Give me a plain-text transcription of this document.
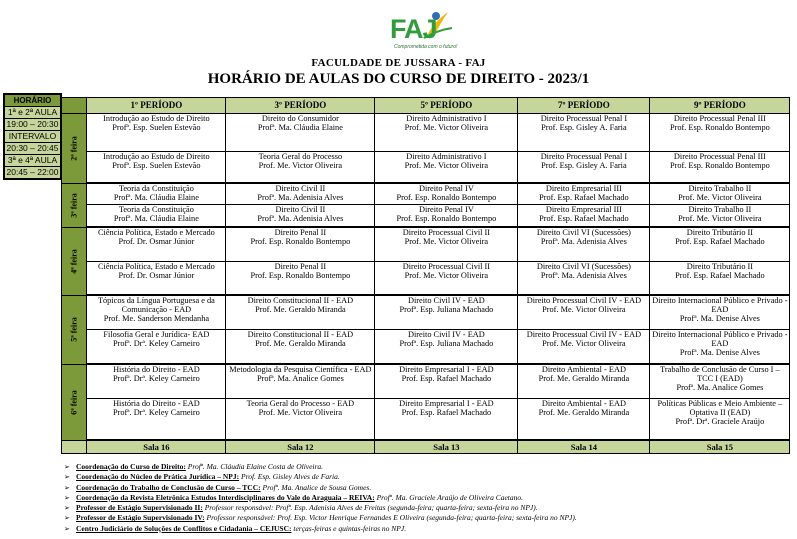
FAJ
Comprometida com o futuro!
FACULDADE DE JUSSARA - FAJ
HORÁRIO DE AULAS DO CURSO DE DIREITO - 2023/1
HORÁRIO
1ª e 2ª AULA
19:00 – 20:30
INTERVALO
20:30 – 20:45
3ª e 4ª AULA
20:45 – 22:00
	1º PERÍODO	3º PERÍODO	5º PERÍODO	7º PERÍODO	9º PERÍODO
2ª feira	Introdução ao Estudo de Direito
Profª. Esp. Suelen Estevão	Direito do Consumidor
Profª. Ma. Cláudia Elaine	Direito Administrativo I
Prof. Me. Victor Oliveira	Direito Processual Penal I
Prof. Esp. Gisley A. Faria	Direito Processual Penal III
Prof. Esp. Ronaldo Bontempo

	Introdução ao Estudo de Direito
Profª. Esp. Suelen Estevão	Teoria Geral do Processo
Prof. Me. Victor Oliveira	Direito Administrativo I
Prof. Me. Victor Oliveira	Direito Processual Penal I
Prof. Esp. Gisley A. Faria	Direito Processual Penal III
Prof. Esp. Ronaldo Bontempo

3ª feira	Teoria da Constituição
Profª. Ma. Cláudia Elaine	Direito Civil II
Profª. Ma. Adenisia Alves	Direito Penal IV
Prof. Esp. Ronaldo Bontempo	Direito Empresarial III
Prof. Esp. Rafael Machado	Direito Trabalho II
Prof. Me. Victor Oliveira

	Teoria da Constituição
Profª. Ma. Cláudia Elaine	Direito Civil II
Profª. Ma. Adenisia Alves	Direito Penal IV
Prof. Esp. Ronaldo Bontempo	Direito Empresarial III
Prof. Esp. Rafael Machado	Direito Trabalho II
Prof. Me. Victor Oliveira

4ª feira	Ciência Política, Estado e Mercado
Prof. Dr. Osmar Júnior	Direito Penal II
Prof. Esp. Ronaldo Bontempo	Direito Processual Civil II
Prof. Me. Victor Oliveira	Direito Civil VI (Sucessões)
Profª. Ma. Adenisia Alves	Direito Tributário II
Prof. Esp. Rafael Machado

	Ciência Política, Estado e Mercado
Prof. Dr. Osmar Júnior	Direito Penal II
Prof. Esp. Ronaldo Bontempo	Direito Processual Civil II
Prof. Me. Victor Oliveira	Direito Civil VI (Sucessões)
Profª. Ma. Adenisia Alves	Direito Tributário II
Prof. Esp. Rafael Machado

5ª feira	Tópicos da Língua Portuguesa e da Comunicação - EAD
Prof. Me. Sanderson Mendanha	Direito Constitucional II - EAD
Prof. Me. Geraldo Miranda	Direito Civil IV - EAD
Profª. Esp. Juliana Machado	Direito Processual Civil IV - EAD
Prof. Me. Victor Oliveira	Direito Internacional Público e Privado - EAD
Profª. Ma. Denise Alves

	Filosofia Geral e Jurídica- EAD
Profª. Drª. Keley Carneiro	Direito Constitucional II - EAD
Prof. Me. Geraldo Miranda	Direito Civil IV - EAD
Profª. Esp. Juliana Machado	Direito Processual Civil IV - EAD
Prof. Me. Victor Oliveira	Direito Internacional Público e Privado - EAD
Profª. Ma. Denise Alves

6ª feira	História do Direito - EAD
Profª. Drª. Keley Carneiro	Metodologia da Pesquisa Científica - EAD
Profª. Ma. Analice Gomes	Direito Empresarial I - EAD
Prof. Esp. Rafael Machado	Direito Ambiental - EAD
Prof. Me. Geraldo Miranda	Trabalho de Conclusão de Curso I – TCC I (EAD)
Profª. Ma. Analice Gomes

	História do Direito - EAD
Profª. Drª. Keley Carneiro	Teoria Geral do Processo - EAD
Prof. Me. Victor Oliveira	Direito Empresarial I - EAD
Prof. Esp. Rafael Machado	Direito Ambiental - EAD
Prof. Me. Geraldo Miranda	Políticas Públicas e Meio Ambiente – Optativa II (EAD)
Profª. Drª. Graciele Araújo

	Sala 16	Sala 12	Sala 13	Sala 14	Sala 15
➢ Coordenação do Curso de Direito: Profª. Ma. Cláudia Elaine Costa de Oliveira.
➢ Coordenação do Núcleo de Prática Jurídica – NPJ: Prof. Esp. Gisley Alves de Faria.
➢ Coordenação do Trabalho de Conclusão de Curso – TCC: Profª. Ma. Analice de Sousa Gomes.
➢ Coordenação da Revista Eletrônica Estudos Interdisciplinares do Vale do Araguaia – REIVA: Profª. Ma. Graciele Araújo de Oliveira Caetano.
➢ Professor de Estágio Supervisionado II: Professor responsável: Profª. Esp. Adenisia Alves de Freitas (segunda-feira; quarta-feira; sexta-feira no NPJ).
➢ Professor de Estágio Supervisionado IV: Professor responsável: Prof. Esp. Victor Henrique Fernandes E Oliveira (segunda-feira; quarta-feira; sexta-feira no NPJ).
➢ Centro Judiciário de Soluções de Conflitos e Cidadania – CEJUSC: terças-feiras e quintas-feiras no NPJ.
